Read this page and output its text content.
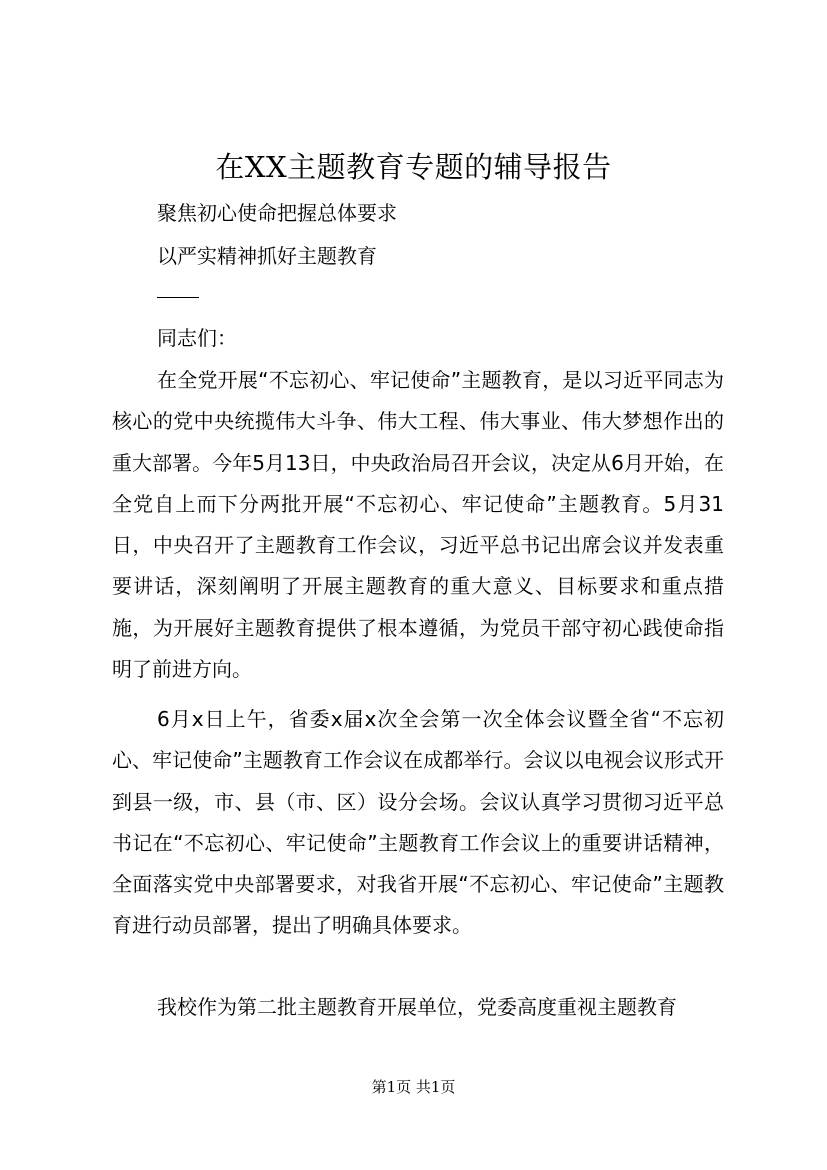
在XX主题教育专题的辅导报告
聚焦初心使命把握总体要求
以严实精神抓好主题教育
同志们：
在全党开展“不忘初心、牢记使命”主题教育，是以习近平同志为核心的党中央统揽伟大斗争、伟大工程、伟大事业、伟大梦想作出的重大部署。今年5月13日，中央政治局召开会议，决定从6月开始，在全党自上而下分两批开展“不忘初心、牢记使命”主题教育。5月31日，中央召开了主题教育工作会议，习近平总书记出席会议并发表重要讲话，深刻阐明了开展主题教育的重大意义、目标要求和重点措施，为开展好主题教育提供了根本遵循，为党员干部守初心践使命指明了前进方向。
6月x日上午，省委x届x次全会第一次全体会议暨全省“不忘初心、牢记使命”主题教育工作会议在成都举行。会议以电视会议形式开到县一级，市、县（市、区）设分会场。会议认真学习贯彻习近平总书记在“不忘初心、牢记使命”主题教育工作会议上的重要讲话精神，全面落实党中央部署要求，对我省开展“不忘初心、牢记使命”主题教育进行动员部署，提出了明确具体要求。
我校作为第二批主题教育开展单位，党委高度重视主题教育
第1页 共1页
